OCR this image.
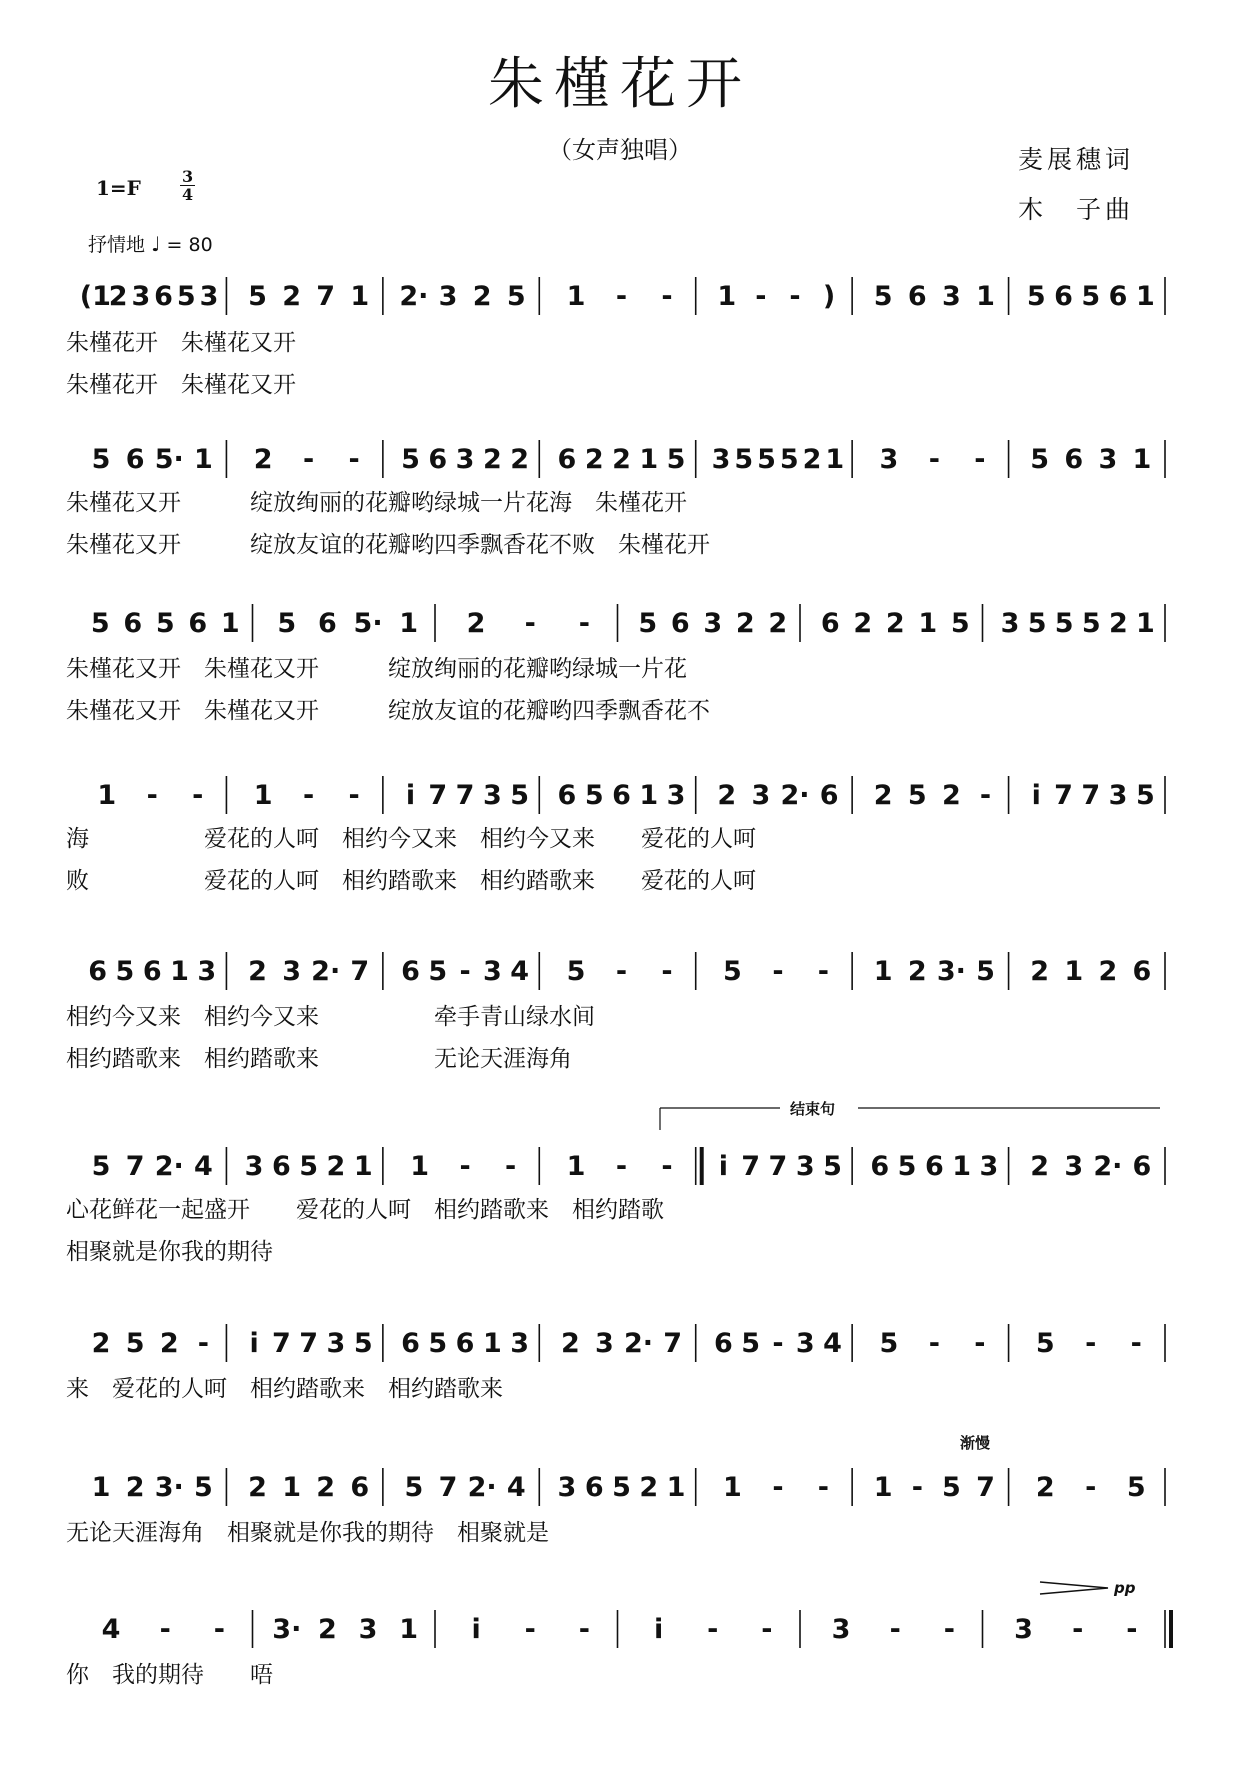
朱槿花开
（女声独唱）	麦展穗词
木　子曲
1=F	3
4
抒情地 ♩ = 80
(1
2 3 6 5 3 5 2 7 1 2· 3 2 5 1 - - 1 - - ) 5 6 3 1 5 6 5 6 1
朱槿花开　朱槿花又开
朱槿花开　朱槿花又开
5 6 5· 1 2 - - 5 6 3 2 2 6 2 2 1 5 3 5 5 5 2 1 3 - - 5 6 3 1
朱槿花又开　　　绽放绚丽的花瓣哟绿城一片花海　朱槿花开
朱槿花又开　　　绽放友谊的花瓣哟四季飘香花不败　朱槿花开
5 6 5 6 1 5 6 5· 1 2 - - 5 6 3 2 2 6 2 2 1 5 3 5 5 5 2 1
朱槿花又开　朱槿花又开　　　绽放绚丽的花瓣哟绿城一片花
朱槿花又开　朱槿花又开　　　绽放友谊的花瓣哟四季飘香花不
1 - - 1 - - i 7 7 3 5 6 5 6 1 3 2 3 2· 6 2 5 2 - i 7 7 3 5
海　　　　　爱花的人呵　相约今又来　相约今又来　　爱花的人呵
败　　　　　爱花的人呵　相约踏歌来　相约踏歌来　　爱花的人呵
6 5 6 1 3 2 3 2· 7 6 5 - 3 4 5 - - 5 - - 1 2 3· 5 2 1 2 6
相约今又来　相约今又来　　　　　牵手青山绿水间
相约踏歌来　相约踏歌来　　　　　无论天涯海角
5 7 2· 4 3 6 5 2 1 1 - - 1 - - i 7 7 3 5 6 5 6 1 3 2 3 2· 6
心花鲜花一起盛开　　爱花的人呵　相约踏歌来　相约踏歌
相聚就是你我的期待
2 5 2 - i 7 7 3 5 6 5 6 1 3 2 3 2· 7 6 5 - 3 4 5 - - 5 - -
来　爱花的人呵　相约踏歌来　相约踏歌来
1 2 3· 5 2 1 2 6 5 7 2· 4 3 6 5 2 1 1 - - 1 - 5 7 2 - 5
无论天涯海角　相聚就是你我的期待　相聚就是
4 - - 3· 2 3 1 i - - i - - 3 - - 3 - -
你　我的期待　　唔
结束句
渐慢
pp
